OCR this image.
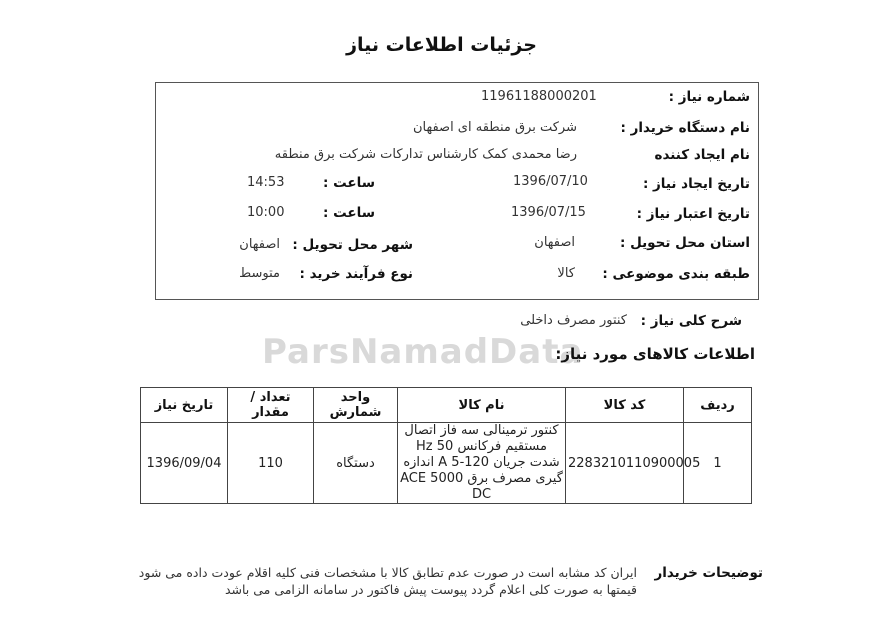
جزئیات اطلاعات نیاز
ParsNamadData
شماره نیاز :
11961188000201
نام دستگاه خریدار :
شرکت برق منطقه ای اصفهان
نام ایجاد کننده
رضا محمدی کمک کارشناس تدارکات شرکت برق منطقه
تاریخ ایجاد نیاز :
1396/07/10
ساعت :
14:53
تاریخ اعتبار نیاز :
1396/07/15
ساعت :
10:00
استان محل تحویل :
اصفهان
شهر محل تحویل :
اصفهان
طبقه بندی موضوعی :
کالا
نوع فرآیند خرید :
متوسط
شرح کلی نیاز :
کنتور مصرف داخلی
اطلاعات کالاهای مورد نیاز:
ردیف	کد کالا	نام کالا	واحد شمارش	تعداد / مقدار	تاریخ نیاز
1	2283210110900005	کنتور ترمینالی سه فاز اتصال مستقیم فرکانس 50 Hz شدت جریان 120-5 A اندازه گیری مصرف برق ACE 5000 DC	دستگاه	110	1396/09/04
توضیحات خریدار
ایران کد مشابه است در صورت عدم تطابق کالا با مشخصات فنی کلیه اقلام عودت داده می شود
قیمتها به صورت کلی اعلام گردد پیوست پیش فاکتور در سامانه الزامی می باشد
